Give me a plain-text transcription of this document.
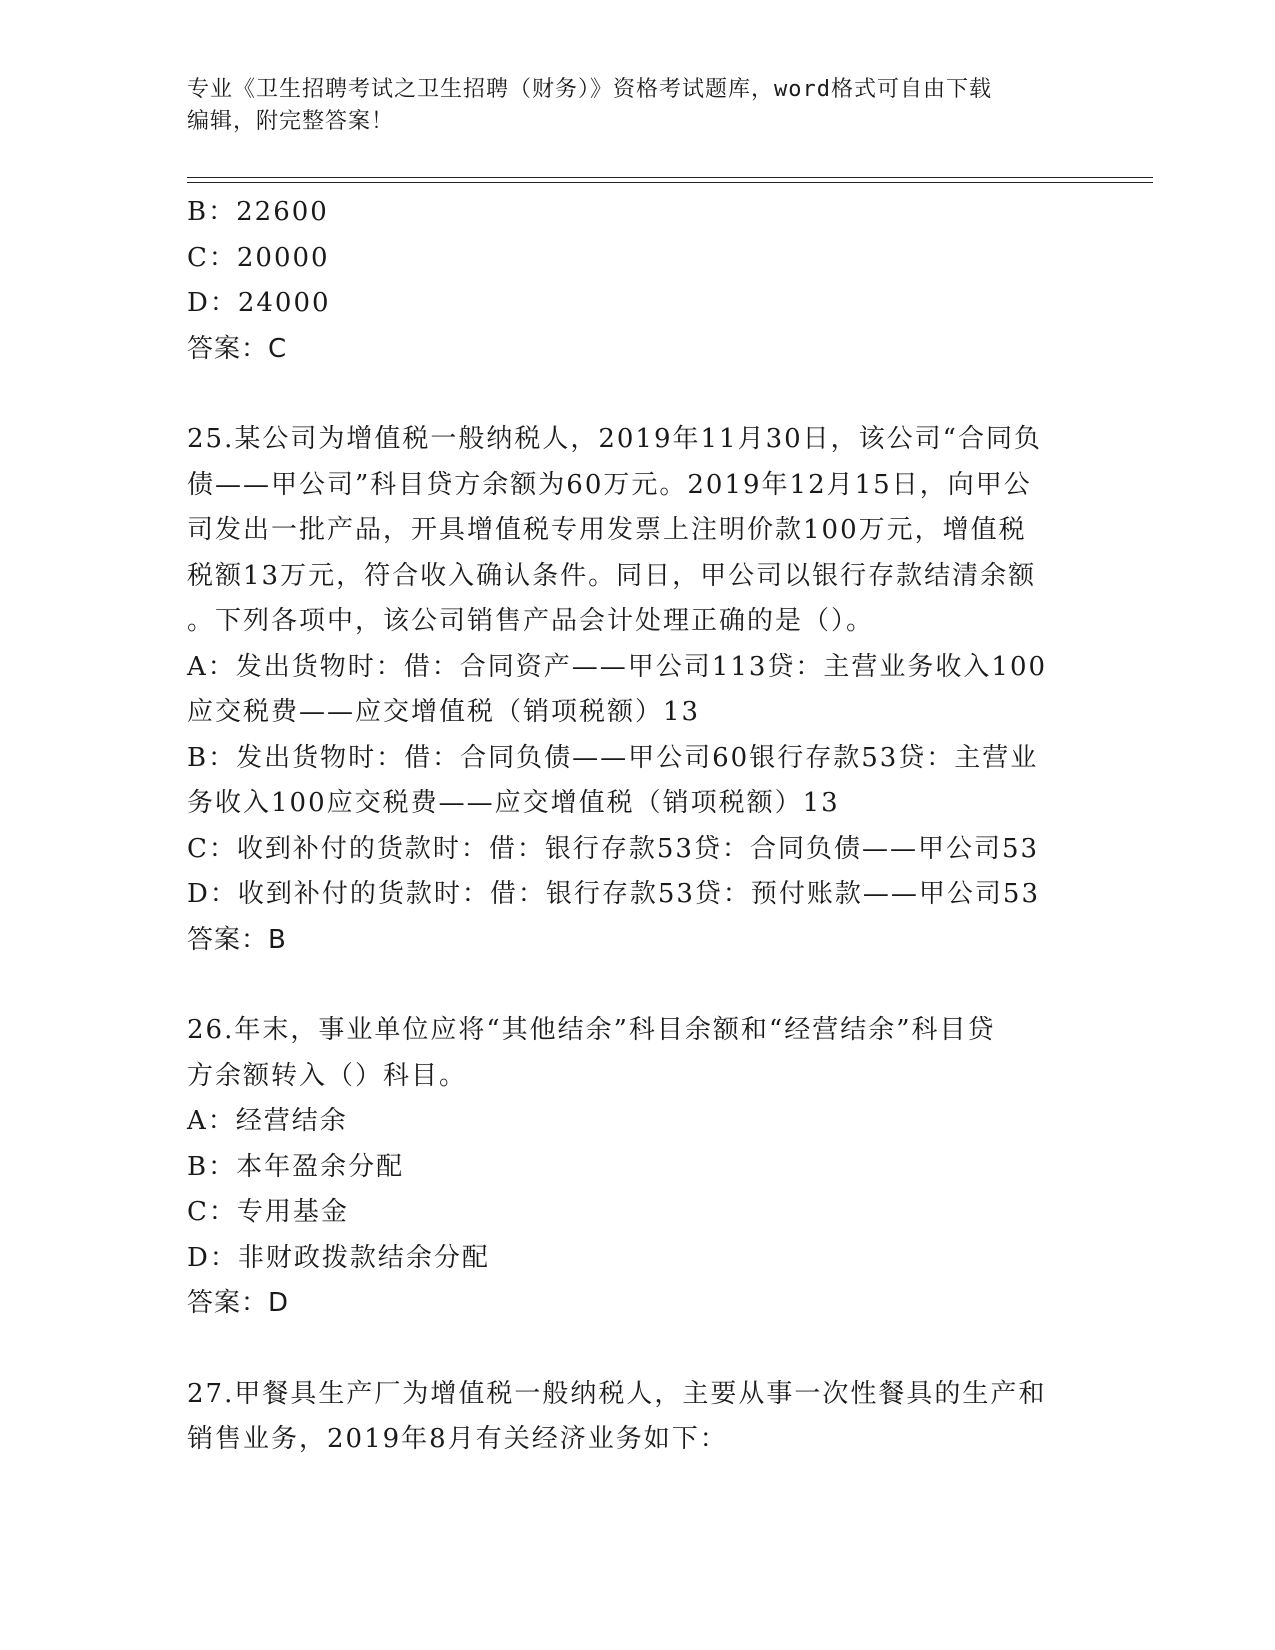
专业《卫生招聘考试之卫生招聘（财务）》资格考试题库，word格式可自由下载
编辑，附完整答案！
B：22600
C：20000
D：24000
答案：C
25.某公司为增值税一般纳税人，2019年11月30日，该公司“合同负
债——甲公司”科目贷方余额为60万元。2019年12月15日，向甲公
司发出一批产品，开具增值税专用发票上注明价款100万元，增值税
税额13万元，符合收入确认条件。同日，甲公司以银行存款结清余额
。下列各项中，该公司销售产品会计处理正确的是（）。
A：发出货物时：借：合同资产——甲公司113贷：主营业务收入100
应交税费——应交增值税（销项税额）13
B：发出货物时：借：合同负债——甲公司60银行存款53贷：主营业
务收入100应交税费——应交增值税（销项税额）13
C：收到补付的货款时：借：银行存款53贷：合同负债——甲公司53
D：收到补付的货款时：借：银行存款53贷：预付账款——甲公司53
答案：B
26.年末，事业单位应将“其他结余”科目余额和“经营结余”科目贷
方余额转入（）科目。
A：经营结余
B：本年盈余分配
C：专用基金
D：非财政拨款结余分配
答案：D
27.甲餐具生产厂为增值税一般纳税人，主要从事一次性餐具的生产和
销售业务，2019年8月有关经济业务如下：
